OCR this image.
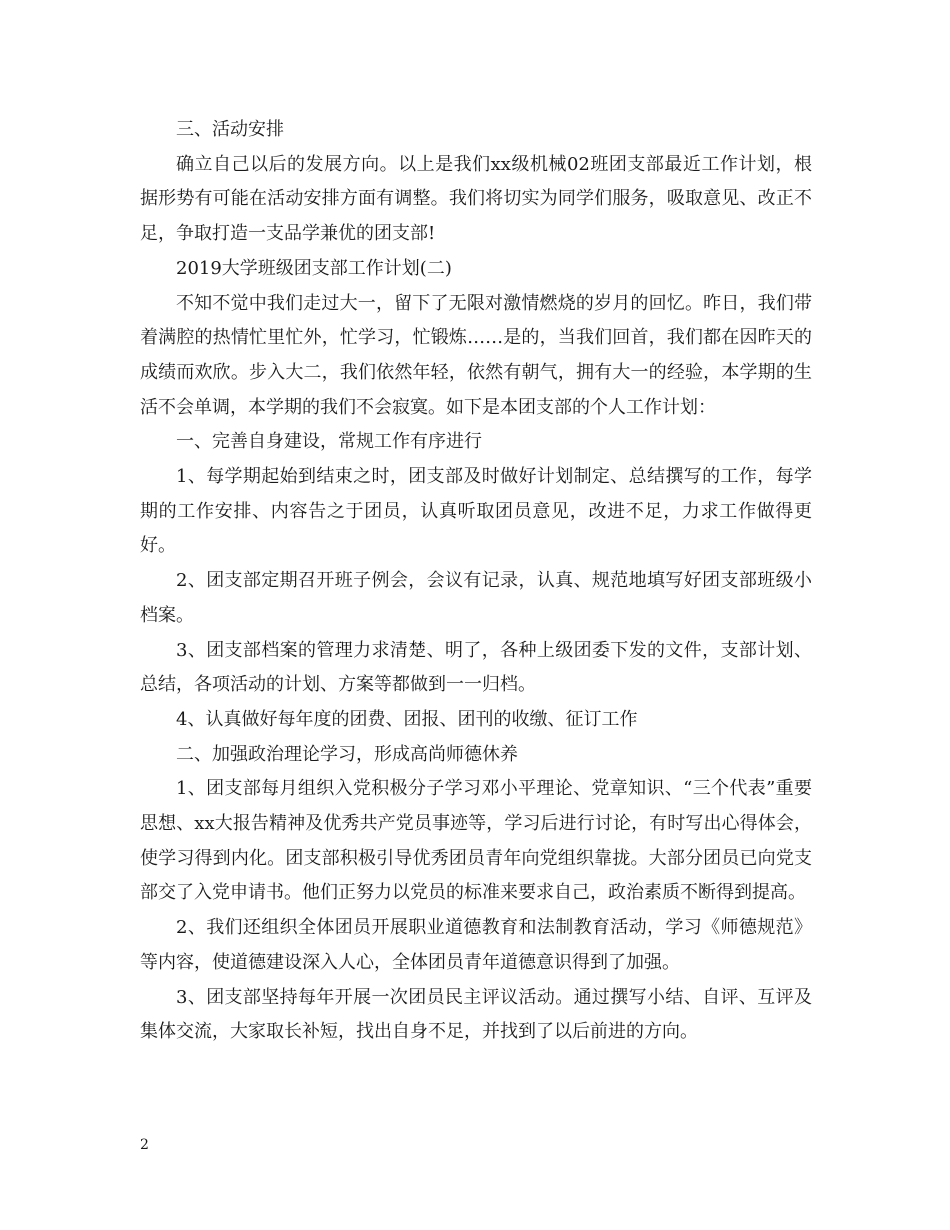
三、活动安排

确立自己以后的发展方向。以上是我们xx级机械02班团支部最近工作计划，根据形势有可能在活动安排方面有调整。我们将切实为同学们服务，吸取意见、改正不足，争取打造一支品学兼优的团支部!

2019大学班级团支部工作计划(二)

不知不觉中我们走过大一，留下了无限对激情燃烧的岁月的回忆。昨日，我们带着满腔的热情忙里忙外，忙学习，忙锻炼……是的，当我们回首，我们都在因昨天的成绩而欢欣。步入大二，我们依然年轻，依然有朝气，拥有大一的经验，本学期的生活不会单调，本学期的我们不会寂寞。如下是本团支部的个人工作计划：

一、完善自身建设，常规工作有序进行

1、每学期起始到结束之时，团支部及时做好计划制定、总结撰写的工作，每学期的工作安排、内容告之于团员，认真听取团员意见，改进不足，力求工作做得更好。

2、团支部定期召开班子例会，会议有记录，认真、规范地填写好团支部班级小档案。

3、团支部档案的管理力求清楚、明了，各种上级团委下发的文件，支部计划、总结，各项活动的计划、方案等都做到一一归档。

4、认真做好每年度的团费、团报、团刊的收缴、征订工作

二、加强政治理论学习，形成高尚师德休养

1、团支部每月组织入党积极分子学习邓小平理论、党章知识、“三个代表”重要思想、xx大报告精神及优秀共产党员事迹等，学习后进行讨论，有时写出心得体会，使学习得到内化。团支部积极引导优秀团员青年向党组织靠拢。大部分团员已向党支部交了入党申请书。他们正努力以党员的标准来要求自己，政治素质不断得到提高。

2、我们还组织全体团员开展职业道德教育和法制教育活动，学习《师德规范》等内容，使道德建设深入人心，全体团员青年道德意识得到了加强。

3、团支部坚持每年开展一次团员民主评议活动。通过撰写小结、自评、互评及集体交流，大家取长补短，找出自身不足，并找到了以后前进的方向。

2
